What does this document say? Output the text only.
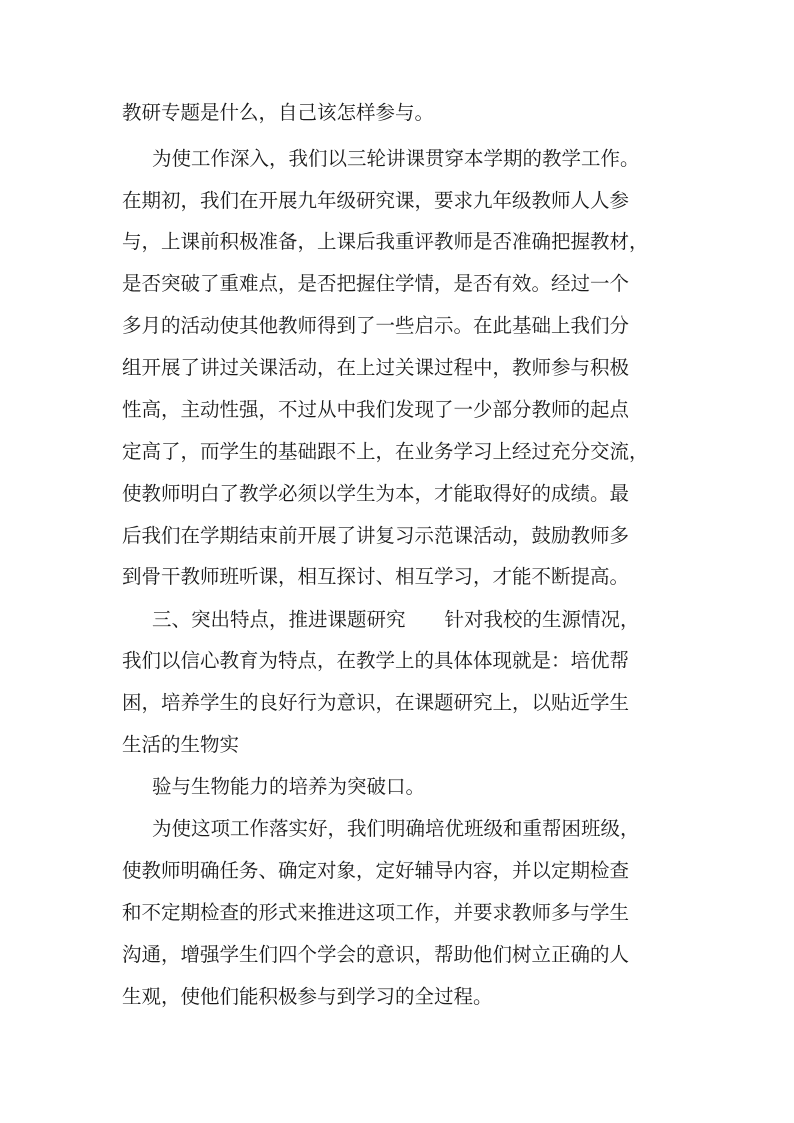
教研专题是什么，自己该怎样参与。
为使工作深入，我们以三轮讲课贯穿本学期的教学工作。
在期初，我们在开展九年级研究课，要求九年级教师人人参
与，上课前积极准备，上课后我重评教师是否准确把握教材，
是否突破了重难点，是否把握住学情，是否有效。经过一个
多月的活动使其他教师得到了一些启示。在此基础上我们分
组开展了讲过关课活动，在上过关课过程中，教师参与积极
性高，主动性强，不过从中我们发现了一少部分教师的起点
定高了，而学生的基础跟不上，在业务学习上经过充分交流，
使教师明白了教学必须以学生为本，才能取得好的成绩。最
后我们在学期结束前开展了讲复习示范课活动，鼓励教师多
到骨干教师班听课，相互探讨、相互学习，才能不断提高。
三、突出特点，推进课题研究　　针对我校的生源情况，
我们以信心教育为特点，在教学上的具体体现就是：培优帮
困，培养学生的良好行为意识，在课题研究上，以贴近学生
生活的生物实
验与生物能力的培养为突破口。
为使这项工作落实好，我们明确培优班级和重帮困班级，
使教师明确任务、确定对象，定好辅导内容，并以定期检查
和不定期检查的形式来推进这项工作，并要求教师多与学生
沟通，增强学生们四个学会的意识，帮助他们树立正确的人
生观，使他们能积极参与到学习的全过程。
